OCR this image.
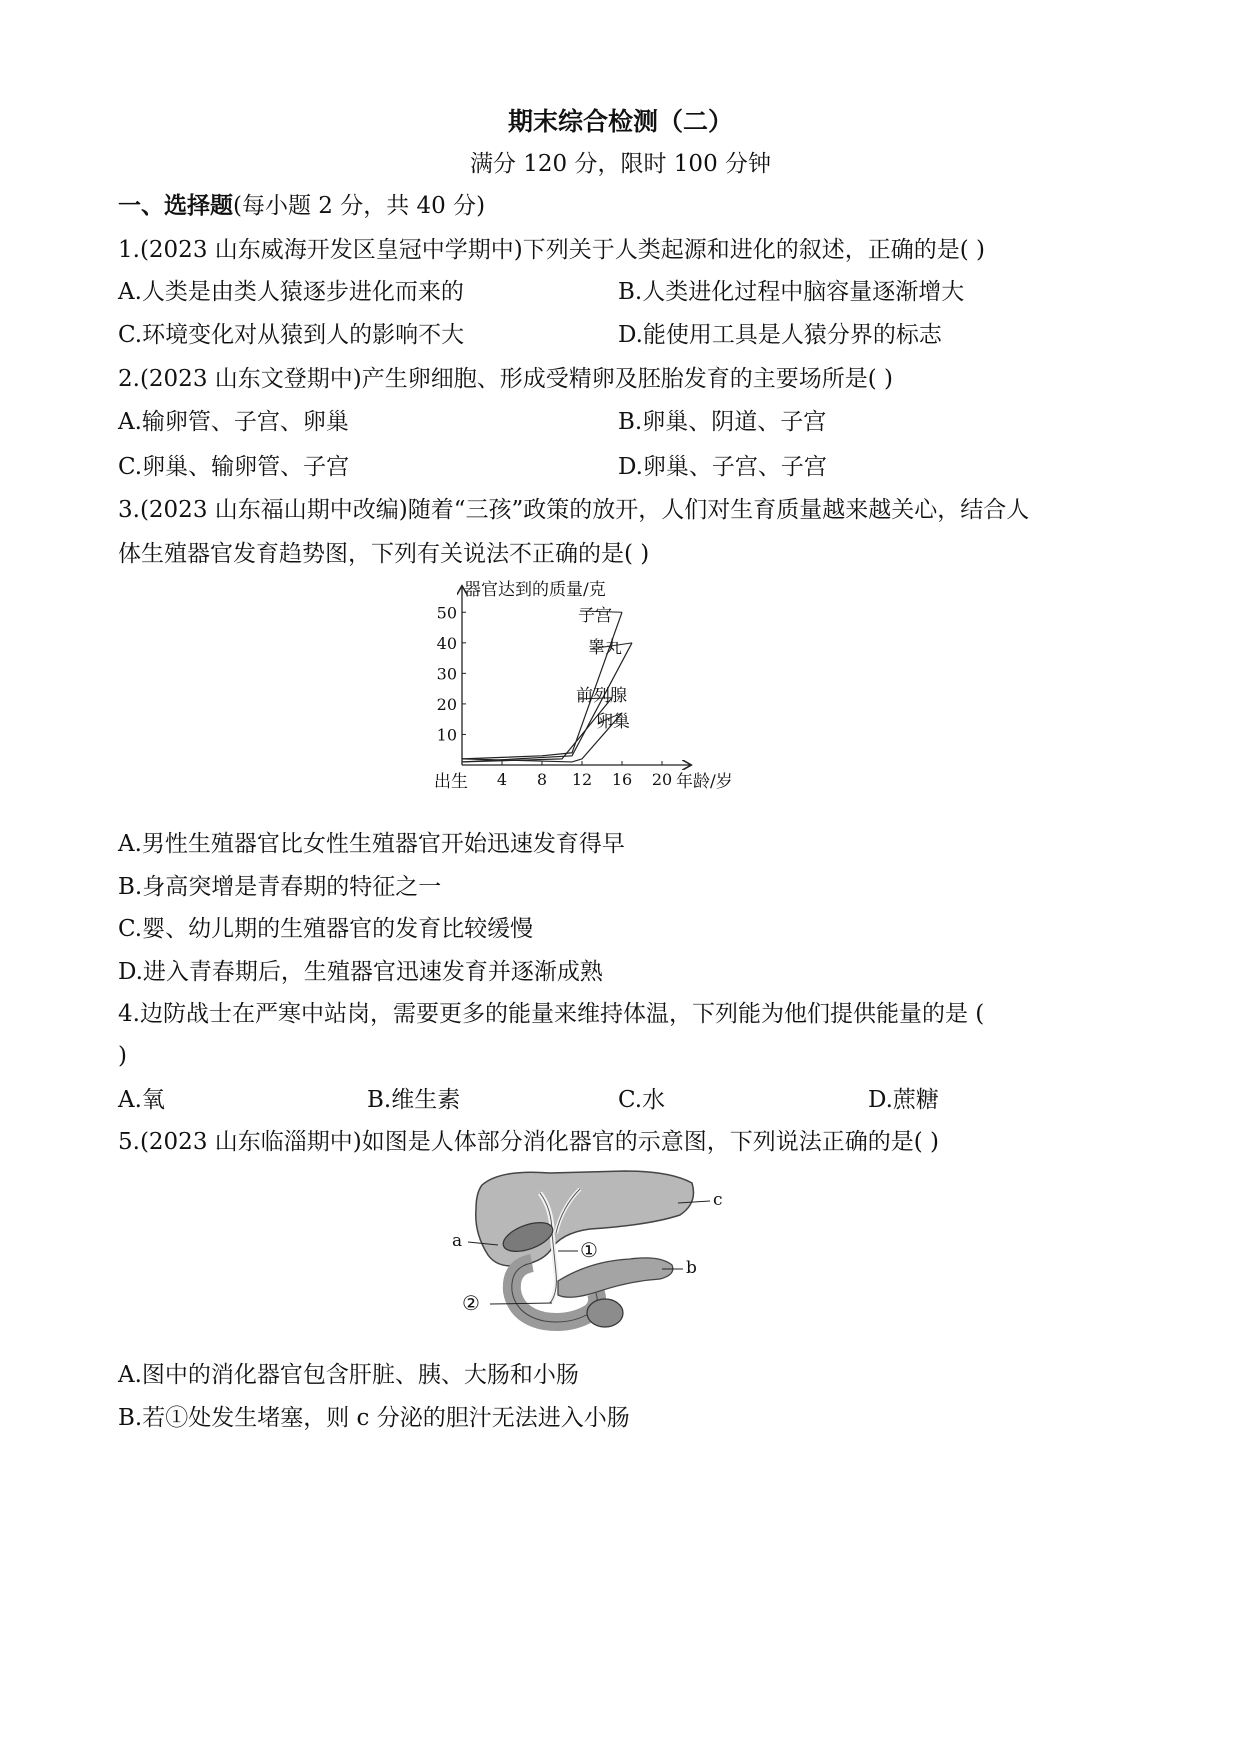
期末综合检测（二）
满分 120 分，限时 100 分钟
一、选择题(每小题 2 分，共 40 分)
1.(2023 山东威海开发区皇冠中学期中)下列关于人类起源和进化的叙述，正确的是( )
A.人类是由类人猿逐步进化而来的	B.人类进化过程中脑容量逐渐增大
C.环境变化对从猿到人的影响不大	D.能使用工具是人猿分界的标志
2.(2023 山东文登期中)产生卵细胞、形成受精卵及胚胎发育的主要场所是( )
A.输卵管、子宫、卵巢	B.卵巢、阴道、子宫
C.卵巢、输卵管、子宫	D.卵巢、子宫、子宫
3.(2023 山东福山期中改编)随着“三孩”政策的放开，人们对生育质量越来越关心，结合人
体生殖器官发育趋势图，下列有关说法不正确的是( )
10
20
30
40
50
4 8 12 16 20
出生
器官达到的质量/克
年龄/岁
子宫
睾丸
前列腺
卵巢
A.男性生殖器官比女性生殖器官开始迅速发育得早
B.身高突增是青春期的特征之一
C.婴、幼儿期的生殖器官的发育比较缓慢
D.进入青春期后，生殖器官迅速发育并逐渐成熟
4.边防战士在严寒中站岗，需要更多的能量来维持体温，下列能为他们提供能量的是 (
)
A.氧	B.维生素	C.水	D.蔗糖
5.(2023 山东临淄期中)如图是人体部分消化器官的示意图，下列说法正确的是( )
a
b
c
①
②
A.图中的消化器官包含肝脏、胰、大肠和小肠
B.若①处发生堵塞，则 c 分泌的胆汁无法进入小肠
